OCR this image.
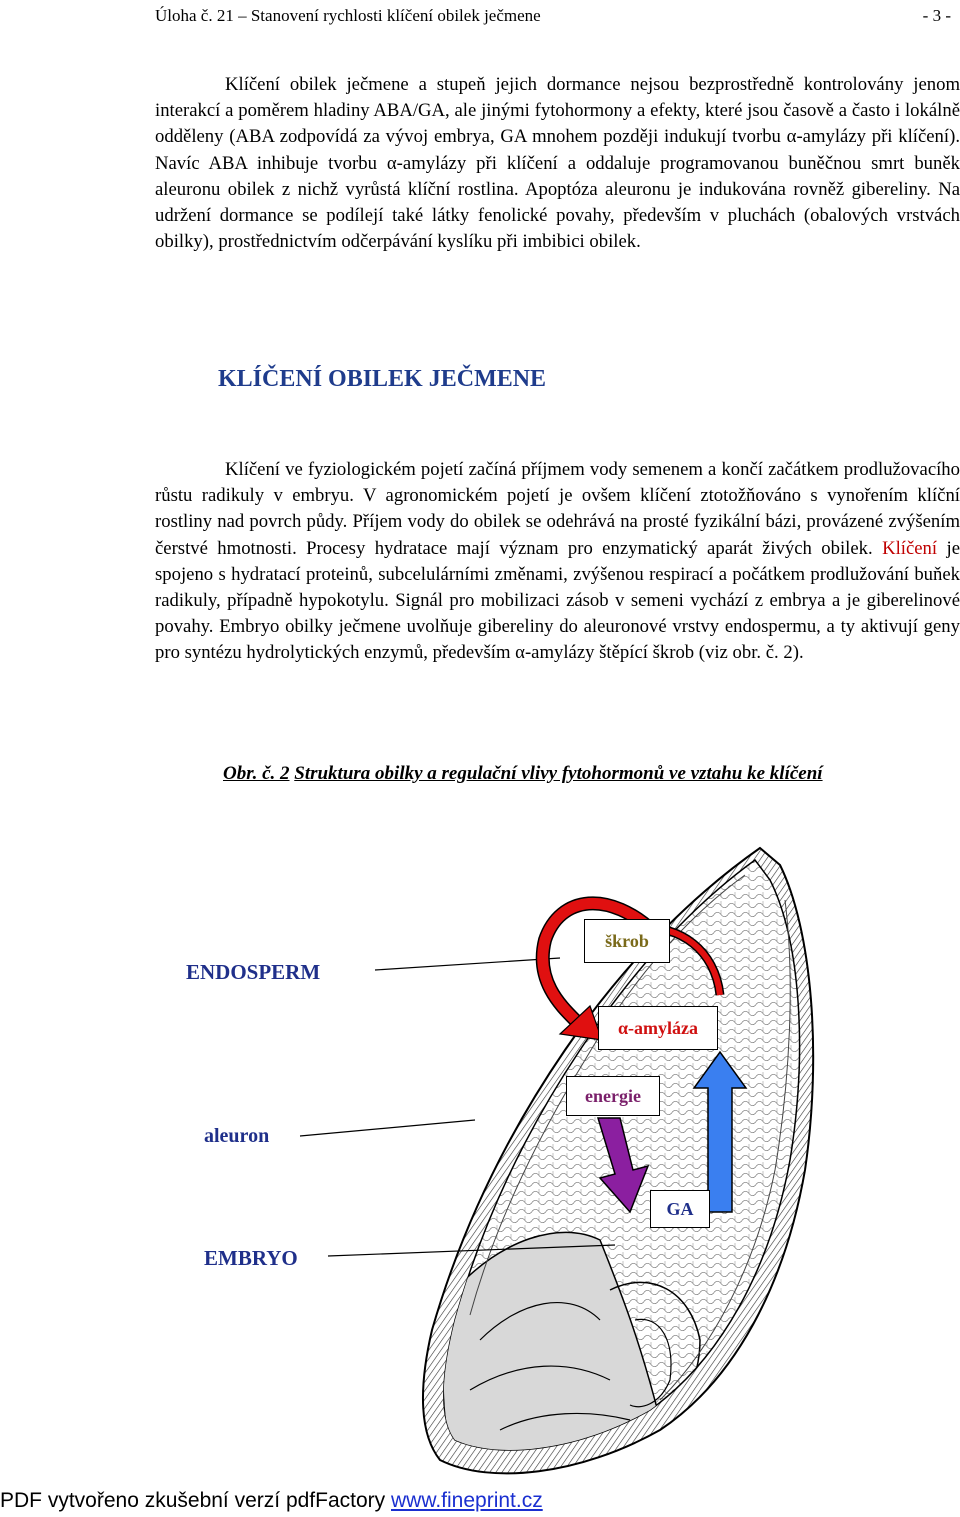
Úloha č. 21 – Stanovení rychlosti klíčení obilek ječmene	- 3 -

Klíčení obilek ječmene a stupeň jejich dormance nejsou bezprostředně kontrolovány jenom interakcí a poměrem hladiny ABA/GA, ale jinými fytohormony a efekty, které jsou časově a často i lokálně odděleny (ABA zodpovídá za vývoj embrya, GA mnohem později indukují tvorbu α-amylázy při klíčení). Navíc ABA inhibuje tvorbu α-amylázy při klíčení a oddaluje programovanou buněčnou smrt buněk aleuronu obilek z nichž vyrůstá klíční rostlina. Apoptóza aleuronu je indukována rovněž gibereliny. Na udržení dormance se podílejí také látky fenolické povahy, především v pluchách (obalových vrstvách obilky), prostřednictvím odčerpávání kyslíku při imbibici obilek.

KLÍČENÍ OBILEK JEČMENE

Klíčení ve fyziologickém pojetí začíná příjmem vody semenem a končí začátkem prodlužovacího růstu radikuly v embryu. V agronomickém pojetí je ovšem klíčení ztotožňováno s vynořením klíční rostliny nad povrch půdy. Příjem vody do obilek se odehrává na prosté fyzikální bázi, provázené zvýšením čerstvé hmotnosti. Procesy hydratace mají význam pro enzymatický aparát živých obilek. Klíčení je spojeno s hydratací proteinů, subcelulárními změnami, zvýšenou respirací a počátkem prodlužování buňek radikuly, případně hypokotylu. Signál pro mobilizaci zásob v semeni vychází z embrya a je giberelinové povahy. Embryo obilky ječmene uvolňuje gibereliny do aleuronové vrstvy endospermu, a ty aktivují geny pro syntézu hydrolytických enzymů, především α-amylázy štěpící škrob (viz obr. č. 2).

Obr. č. 2 Struktura obilky a regulační vlivy fytohormonů ve vztahu ke klíčení
ENDOSPERM
aleuron
EMBRYO
škrob
α-amyláza
energie
GA
PDF vytvořeno zkušební verzí pdfFactory www.fineprint.cz
